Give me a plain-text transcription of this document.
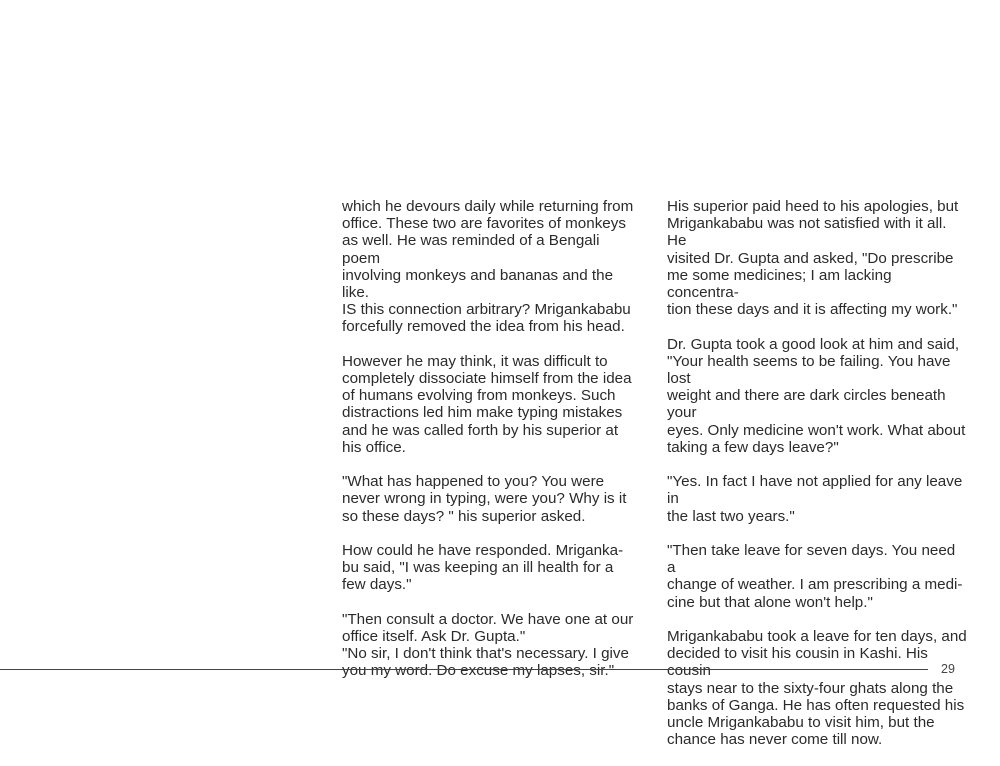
which he devours daily while returning from
office. These two are favorites of monkeys
as well. He was reminded of a Bengali poem
involving monkeys and bananas and the like.
IS this connection arbitrary? Mrigankababu
forcefully removed the idea from his head.

However he may think, it was difficult to
completely dissociate himself from the idea
of humans evolving from monkeys. Such
distractions led him make typing mistakes
and he was called forth by his superior at
his office.

"What has happened to you? You were
never wrong in typing, were you? Why is it
so these days? " his superior asked.

How could he have responded. Mriganka-
bu said, "I was keeping an ill health for a
few days."

"Then consult a doctor. We have one at our
office itself. Ask Dr. Gupta."

"No sir, I don't think that's necessary. I give
you my word. Do excuse my lapses, sir."

His superior paid heed to his apologies, but
Mrigankababu was not satisfied with it all. He
visited Dr. Gupta and asked, "Do prescribe
me some medicines; I am lacking concentra-
tion these days and it is affecting my work."

Dr. Gupta took a good look at him and said,
"Your health seems to be failing. You have lost
weight and there are dark circles beneath your
eyes. Only medicine won't work. What about
taking a few days leave?"

"Yes. In fact I have not applied for any leave in
the last two years."

"Then take leave for seven days. You need a
change of weather. I am prescribing a medi-
cine but that alone won't help."

Mrigankababu took a leave for ten days, and
decided to visit his cousin in Kashi. His cousin
stays near to the sixty-four ghats along the
banks of Ganga. He has often requested his
uncle Mrigankababu to visit him, but the
chance has never come till now.

29
